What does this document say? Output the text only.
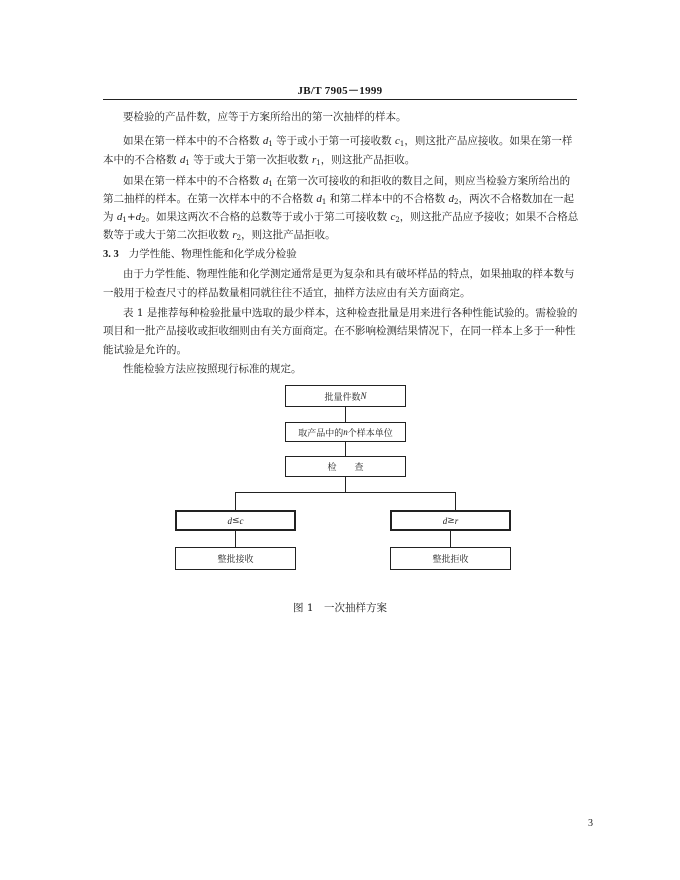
JB/T 7905－1999
要检验的产品件数，应等于方案所给出的第一次抽样的样本。
如果在第一样本中的不合格数 $d_1$ 等于或小于第一可接收数 $c_1$，则这批产品应接收。如果在第一样
本中的不合格数 $d_1$ 等于或大于第一次拒收数 $r_1$，则这批产品拒收。
如果在第一样本中的不合格数 $d_1$ 在第一次可接收的和拒收的数目之间，则应当检验方案所给出的
第二抽样的样本。在第一次样本中的不合格数 $d_1$ 和第二样本中的不合格数 $d_2$，两次不合格数加在一起
为 $d_1+d_2$。如果这两次不合格的总数等于或小于第二可接收数 $c_2$，则这批产品应予接收；如果不合格总
数等于或大于第二次拒收数 $r_2$，则这批产品拒收。
3. 3 力学性能、物理性能和化学成分检验
由于力学性能、物理性能和化学测定通常是更为复杂和具有破坏样品的特点，如果抽取的样本数与
一般用于检查尺寸的样品数量相同就往往不适宜，抽样方法应由有关方面商定。
表 1 是推荐每种检验批量中选取的最少样本，这种检查批量是用来进行各种性能试验的。需检验的
项目和一批产品接收或拒收细则由有关方面商定。在不影响检测结果情况下，在同一样本上多于一种性
能试验是允许的。
性能检验方法应按照现行标准的规定。
批量件数 N
取产品中的 n 个样本单位
检　　查
d ≤ c	d ≥ r
整批接收	整批拒收
图 1　一次抽样方案
3
